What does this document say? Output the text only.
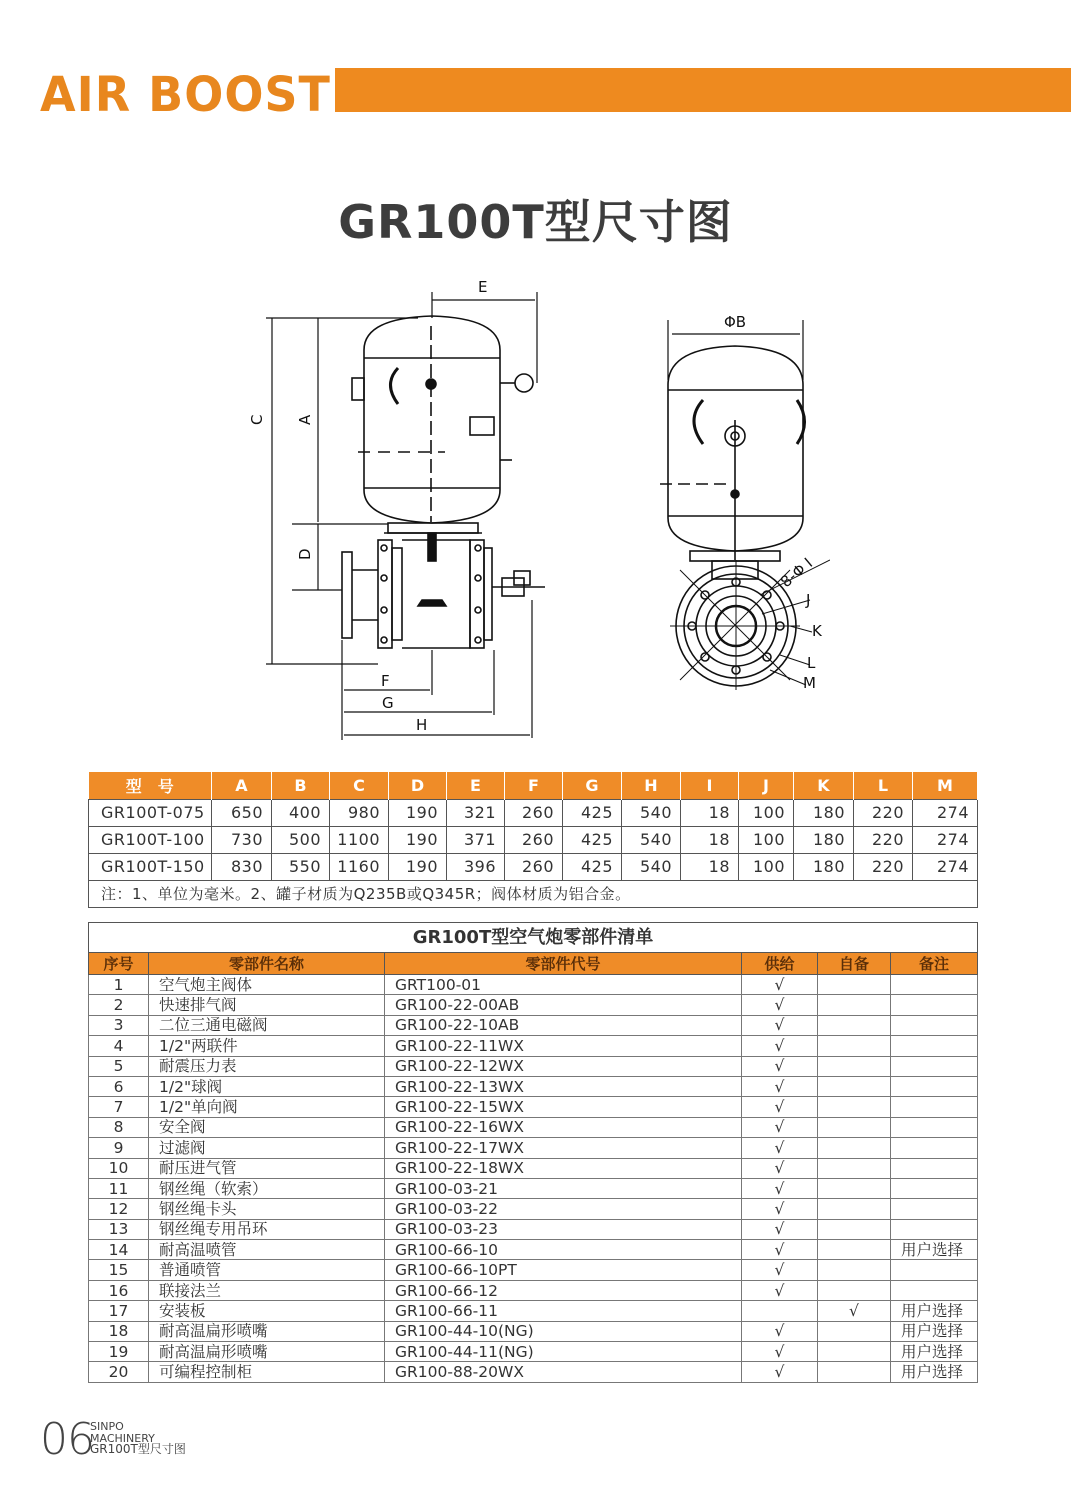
AIR BOOST
GR100T型尺寸图
E
C A
D
F
G
H
ΦB
8-Φ I
J
K
L
M
型　号	A	B	C	D	E	F	G	H	I	J	K	L	M
GR100T-075	650	400	980	190	321	260	425	540	18	100	180	220	274
GR100T-100	730	500	1100	190	371	260	425	540	18	100	180	220	274
GR100T-150	830	550	1160	190	396	260	425	540	18	100	180	220	274
注：1、单位为毫米。2、罐子材质为Q235B或Q345R；阀体材质为铝合金。													
GR100T型空气炮零部件清单					
序号	零部件名称	零部件代号	供给	自备	备注
1	空气炮主阀体	GRT100-01	√		
2	快速排气阀	GR100-22-00AB	√		
3	二位三通电磁阀	GR100-22-10AB	√		
4	1/2"两联件	GR100-22-11WX	√		
5	耐震压力表	GR100-22-12WX	√		
6	1/2"球阀	GR100-22-13WX	√		
7	1/2"单向阀	GR100-22-15WX	√		
8	安全阀	GR100-22-16WX	√		
9	过滤阀	GR100-22-17WX	√		
10	耐压进气管	GR100-22-18WX	√		
11	钢丝绳（软索）	GR100-03-21	√		
12	钢丝绳卡头	GR100-03-22	√		
13	钢丝绳专用吊环	GR100-03-23	√		
14	耐高温喷管	GR100-66-10	√		用户选择
15	普通喷管	GR100-66-10PT	√		
16	联接法兰	GR100-66-12	√		
17	安装板	GR100-66-11		√	用户选择
18	耐高温扁形喷嘴	GR100-44-10(NG)	√		用户选择
19	耐高温扁形喷嘴	GR100-44-11(NG)	√		用户选择
20	可编程控制柜	GR100-88-20WX	√		用户选择
06
SINPO
MACHINERY
GR100T型尺寸图
